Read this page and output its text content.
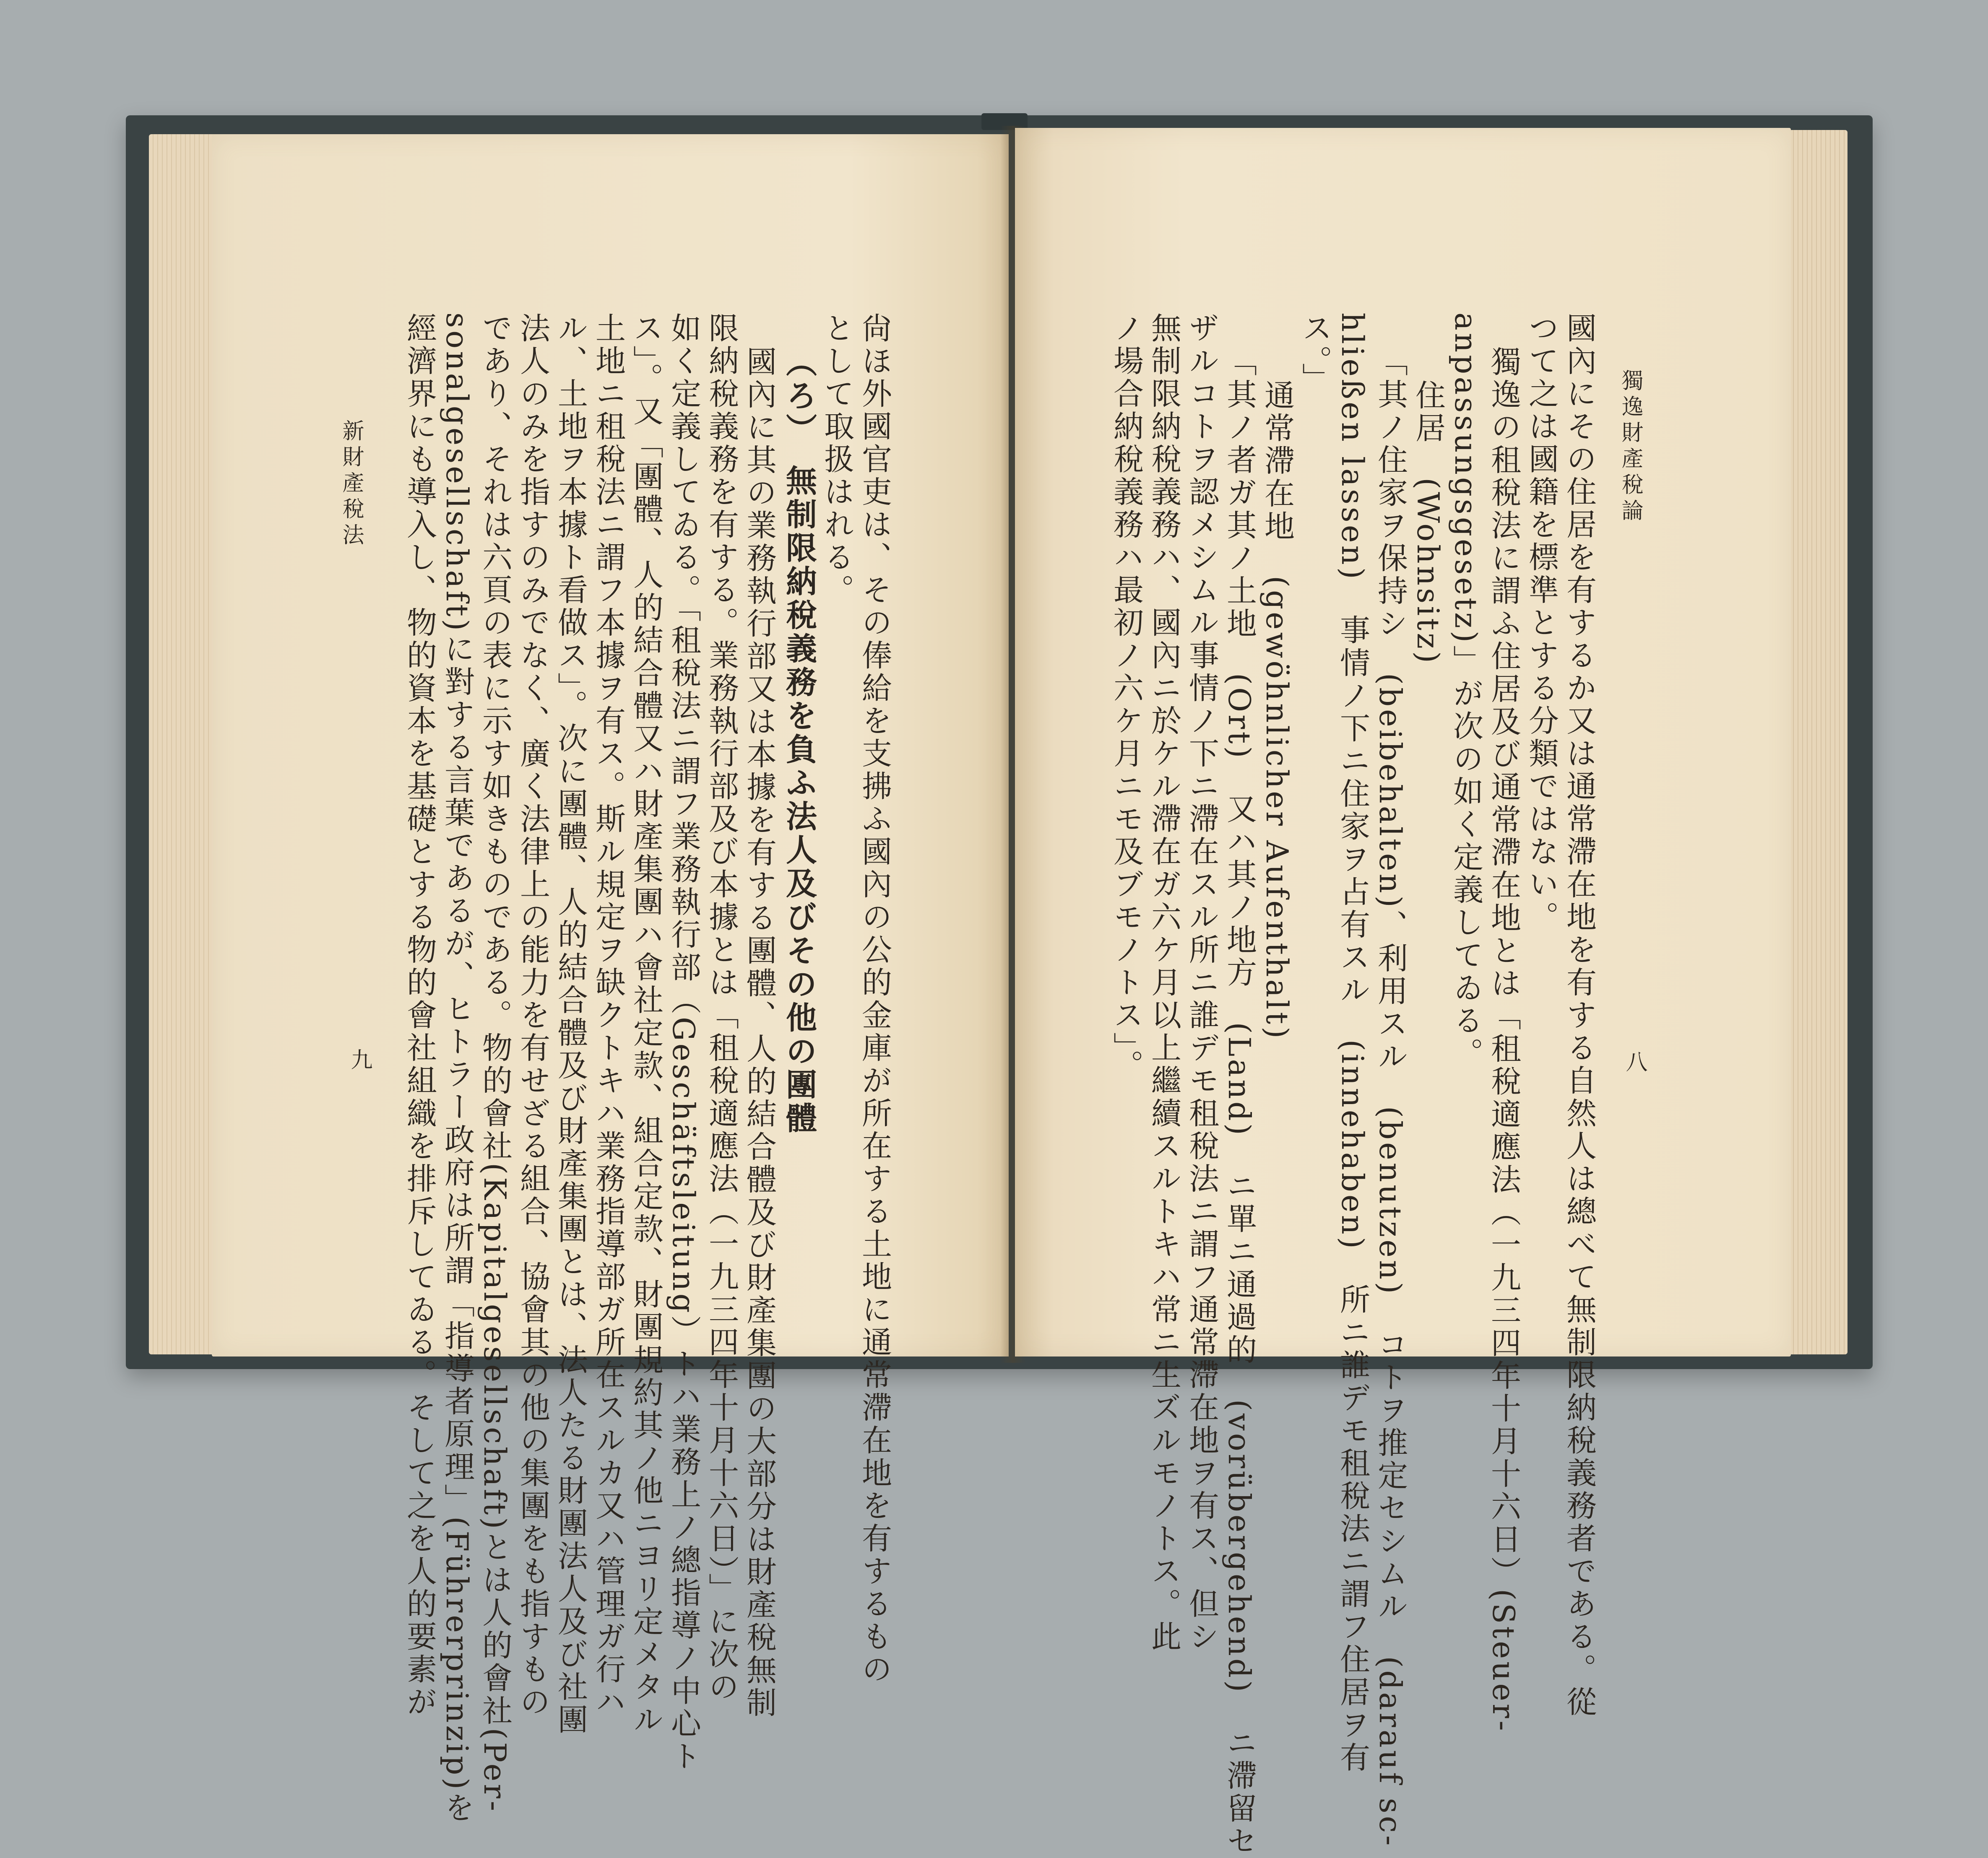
新財產稅法
九	尙ほ外國官吏は、その俸給を支拂ふ國內の公的金庫が所在する土地に通常滯在地を有するもの
として取扱はれる。
（ろ）　無制限納稅義務を負ふ法人及びその他の團體
國內に其の業務執行部又は本據を有する團體、人的結合體及び財產集團の大部分は財產稅無制
限納稅義務を有する。業務執行部及び本據とは「租稅適應法（一九三四年十月十六日）」に次の
如く定義してゐる。「租稅法ニ謂フ業務執行部（Geschäftsleitung）トハ業務上ノ總指導ノ中心ト
ス」。又「團體、人的結合體又ハ財產集團ハ會社定款、組合定款、財團規約其ノ他ニヨリ定メタル
土地ニ租稅法ニ謂フ本據ヲ有ス。斯ル規定ヲ缺クトキハ業務指導部ガ所在スルカ又ハ管理ガ行ハ
ル、土地ヲ本據ト看做ス」。次に團體、人的結合體及び財產集團とは、法人たる財團法人及び社團
法人のみを指すのみでなく、廣く法律上の能力を有せざる組合、協會其の他の集團をも指すもの
であり、それは六頁の表に示す如きものである。物的會社(Kapitalgesellschaft)とは人的會社(Per-
sonalgesellschaft)に對する言葉であるが、ヒトラー政府は所謂「指導者原理」(Führerprinzip)を
經濟界にも導入し、物的資本を基礎とする物的會社組織を排斥してゐる。そして之を人的要素が	獨逸財產稅論
八
國內にその住居を有するか又は通常滯在地を有する自然人は總べて無制限納稅義務者である。從
つて之は國籍を標準とする分類ではない。
獨逸の租稅法に謂ふ住居及び通常滯在地とは「租稅適應法（一九三四年十月十六日）(Steuer-
anpassungsgesetz)」が次の如く定義してゐる。
住居　(Wohnsitz)
「其ノ住家ヲ保持シ　(beibehalten)、利用スル　(benutzen)　コトヲ推定セシムル　(darauf sc-
hließen lassen)　事情ノ下ニ住家ヲ占有スル　(innehaben)　所ニ誰デモ租稅法ニ謂フ住居ヲ有
ス。」
通常滯在地　(gewöhnlicher Aufenthalt)
「其ノ者ガ其ノ土地　(Ort)　又ハ其ノ地方　(Land)　ニ單ニ通過的　(vorübergehend)　ニ滯留セ
ザルコトヲ認メシムル事情ノ下ニ滯在スル所ニ誰デモ租稅法ニ謂フ通常滯在地ヲ有ス、但シ
無制限納稅義務ハ、國內ニ於ケル滯在ガ六ケ月以上繼續スルトキハ常ニ生ズルモノトス。此
ノ場合納稅義務ハ最初ノ六ケ月ニモ及ブモノトス」。
